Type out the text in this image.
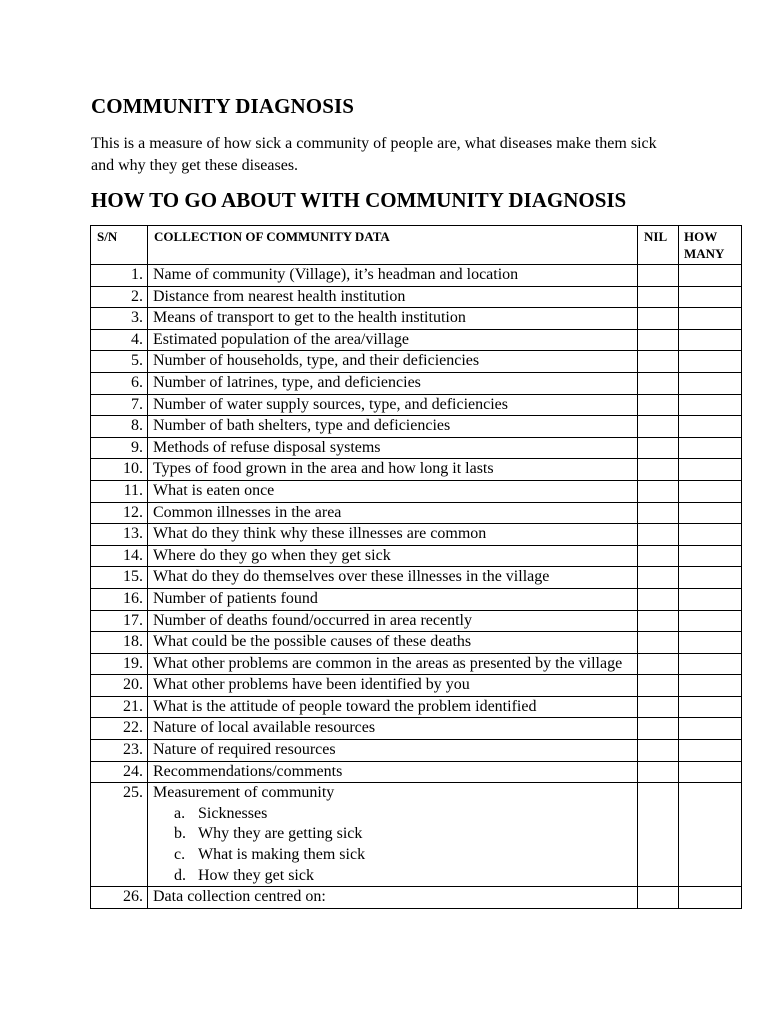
COMMUNITY DIAGNOSIS

This is a measure of how sick a community of people are, what diseases make them sick and why they get these diseases.

HOW TO GO ABOUT WITH COMMUNITY DIAGNOSIS
S/N	COLLECTION OF COMMUNITY DATA	NIL	HOW MANY
1.	Name of community (Village), it’s headman and location		
2.	Distance from nearest health institution		
3.	Means of transport to get to the health institution		
4.	Estimated population of the area/village		
5.	Number of households, type, and their deficiencies		
6.	Number of latrines, type, and deficiencies		
7.	Number of water supply sources, type, and deficiencies		
8.	Number of bath shelters, type and deficiencies		
9.	Methods of refuse disposal systems		
10.	Types of food grown in the area and how long it lasts		
11.	What is eaten once		
12.	Common illnesses in the area		
13.	What do they think why these illnesses are common		
14.	Where do they go when they get sick		
15.	What do they do themselves over these illnesses in the village		
16.	Number of patients found		
17.	Number of deaths found/occurred in area recently		
18.	What could be the possible causes of these deaths		
19.	What other problems are common in the areas as presented by the village		
20.	What other problems have been identified by you		
21.	What is the attitude of people toward the problem identified		
22.	Nature of local available resources		
23.	Nature of required resources		
24.	Recommendations/comments		
25.	Measurement of community
a. Sicknesses
b. Why they are getting sick
c. What is making them sick
d. How they get sick		

26.	Data collection centred on:		
